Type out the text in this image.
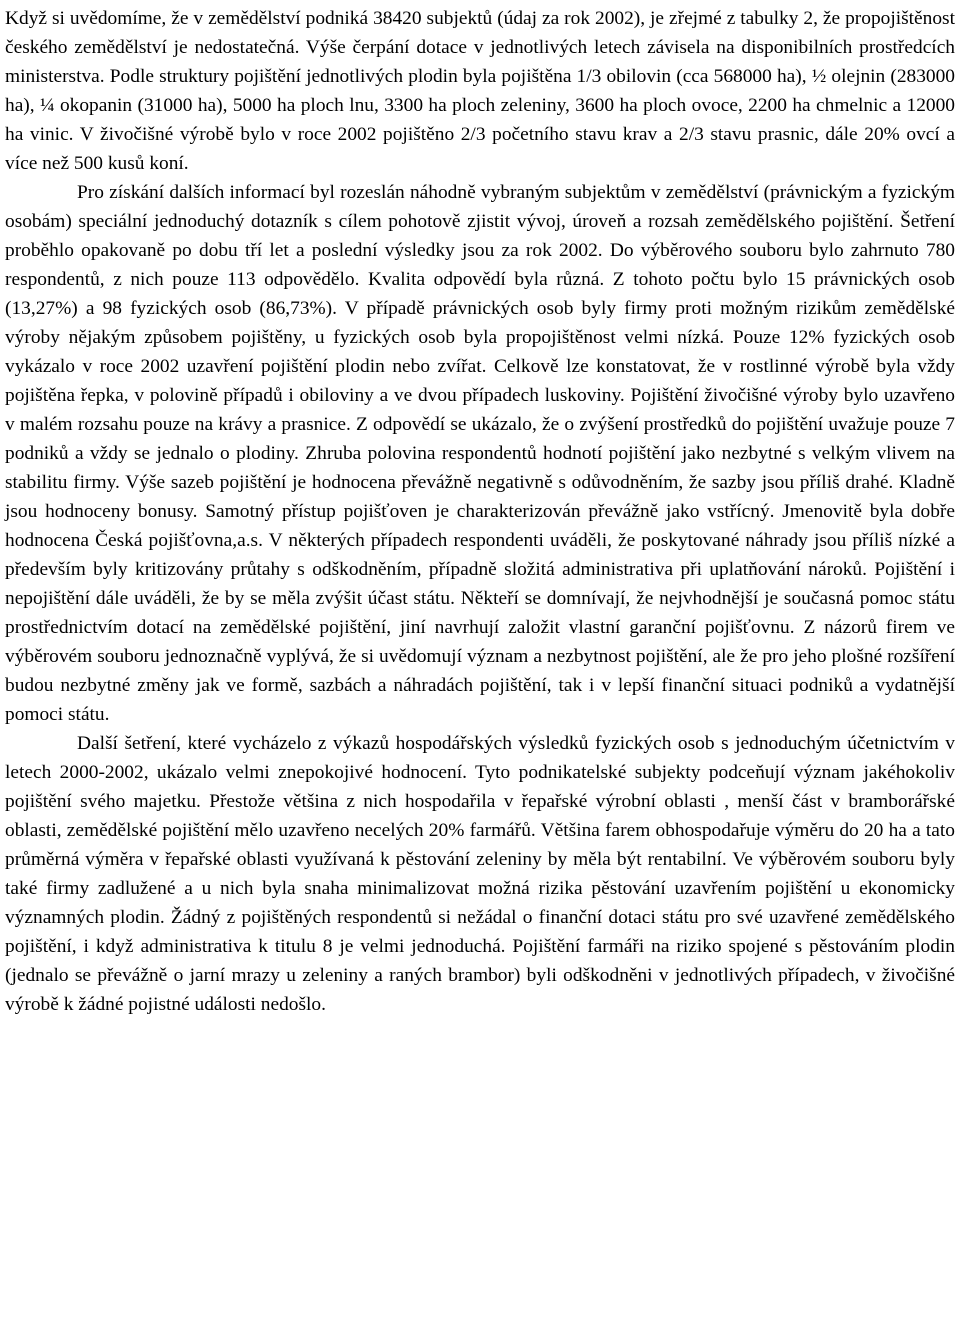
Když si uvědomíme, že v zemědělství podniká 38420 subjektů (údaj za rok 2002), je zřejmé z tabulky 2, že propojištěnost českého zemědělství je nedostatečná. Výše čerpání dotace v jednotlivých letech závisela na disponibilních prostředcích ministerstva. Podle struktury pojištění jednotlivých plodin byla pojištěna 1/3 obilovin (cca 568000 ha), ½ olejnin (283000 ha), ¼ okopanin (31000 ha), 5000 ha ploch lnu, 3300 ha ploch zeleniny, 3600 ha ploch ovoce, 2200 ha chmelnic a 12000 ha vinic. V živočišné výrobě bylo v roce 2002 pojištěno 2/3 početního stavu krav a 2/3 stavu prasnic, dále 20% ovcí a více než 500 kusů koní.

Pro získání dalších informací byl rozeslán náhodně vybraným subjektům v zemědělství (právnickým a fyzickým osobám) speciální jednoduchý dotazník s cílem pohotově zjistit vývoj, úroveň a rozsah zemědělského pojištění. Šetření proběhlo opakovaně po dobu tří let a poslední výsledky jsou za rok 2002. Do výběrového souboru bylo zahrnuto 780 respondentů, z nich pouze 113 odpovědělo. Kvalita odpovědí byla různá. Z tohoto počtu bylo 15 právnických osob (13,27%) a 98 fyzických osob (86,73%). V případě právnických osob byly firmy proti možným rizikům zemědělské výroby nějakým způsobem pojištěny, u fyzických osob byla propojištěnost velmi nízká. Pouze 12% fyzických osob vykázalo v roce 2002 uzavření pojištění plodin nebo zvířat. Celkově lze konstatovat, že v rostlinné výrobě byla vždy pojištěna řepka, v polovině případů i obiloviny a ve dvou případech luskoviny. Pojištění živočišné výroby bylo uzavřeno v malém rozsahu pouze na krávy a prasnice. Z odpovědí se ukázalo, že o zvýšení prostředků do pojištění uvažuje pouze 7 podniků a vždy se jednalo o plodiny. Zhruba polovina respondentů hodnotí pojištění jako nezbytné s velkým vlivem na stabilitu firmy. Výše sazeb pojištění je hodnocena převážně negativně s odůvodněním, že sazby jsou příliš drahé. Kladně jsou hodnoceny bonusy. Samotný přístup pojišťoven je charakterizován převážně jako vstřícný. Jmenovitě byla dobře hodnocena Česká pojišťovna,a.s. V některých případech respondenti uváděli, že poskytované náhrady jsou příliš nízké a především byly kritizovány průtahy s odškodněním, případně složitá administrativa při uplatňování nároků. Pojištění i nepojištění dále uváděli, že by se měla zvýšit účast státu. Někteří se domnívají, že nejvhodnější je současná pomoc státu prostřednictvím dotací na zemědělské pojištění, jiní navrhují založit vlastní garanční pojišťovnu. Z názorů firem ve výběrovém souboru jednoznačně vyplývá, že si uvědomují význam a nezbytnost pojištění, ale že pro jeho plošné rozšíření budou nezbytné změny jak ve formě, sazbách a náhradách pojištění, tak i v lepší finanční situaci podniků a vydatnější pomoci státu.

Další šetření, které vycházelo z výkazů hospodářských výsledků fyzických osob s jednoduchým účetnictvím v letech 2000-2002, ukázalo velmi znepokojivé hodnocení. Tyto podnikatelské subjekty podceňují význam jakéhokoliv pojištění svého majetku. Přestože většina z nich hospodařila v řepařské výrobní oblasti , menší část v bramborářské oblasti, zemědělské pojištění mělo uzavřeno necelých 20% farmářů. Většina farem obhospodařuje výměru do 20 ha a tato průměrná výměra v řepařské oblasti využívaná k pěstování zeleniny by měla být rentabilní. Ve výběrovém souboru byly také firmy zadlužené a u nich byla snaha minimalizovat možná rizika pěstování uzavřením pojištění u ekonomicky významných plodin. Žádný z pojištěných respondentů si nežádal o finanční dotaci státu pro své uzavřené zemědělského pojištění, i když administrativa k titulu 8 je velmi jednoduchá. Pojištění farmáři na riziko spojené s pěstováním plodin (jednalo se převážně o jarní mrazy u zeleniny a raných brambor) byli odškodněni v jednotlivých případech, v živočišné výrobě k žádné pojistné události nedošlo.
